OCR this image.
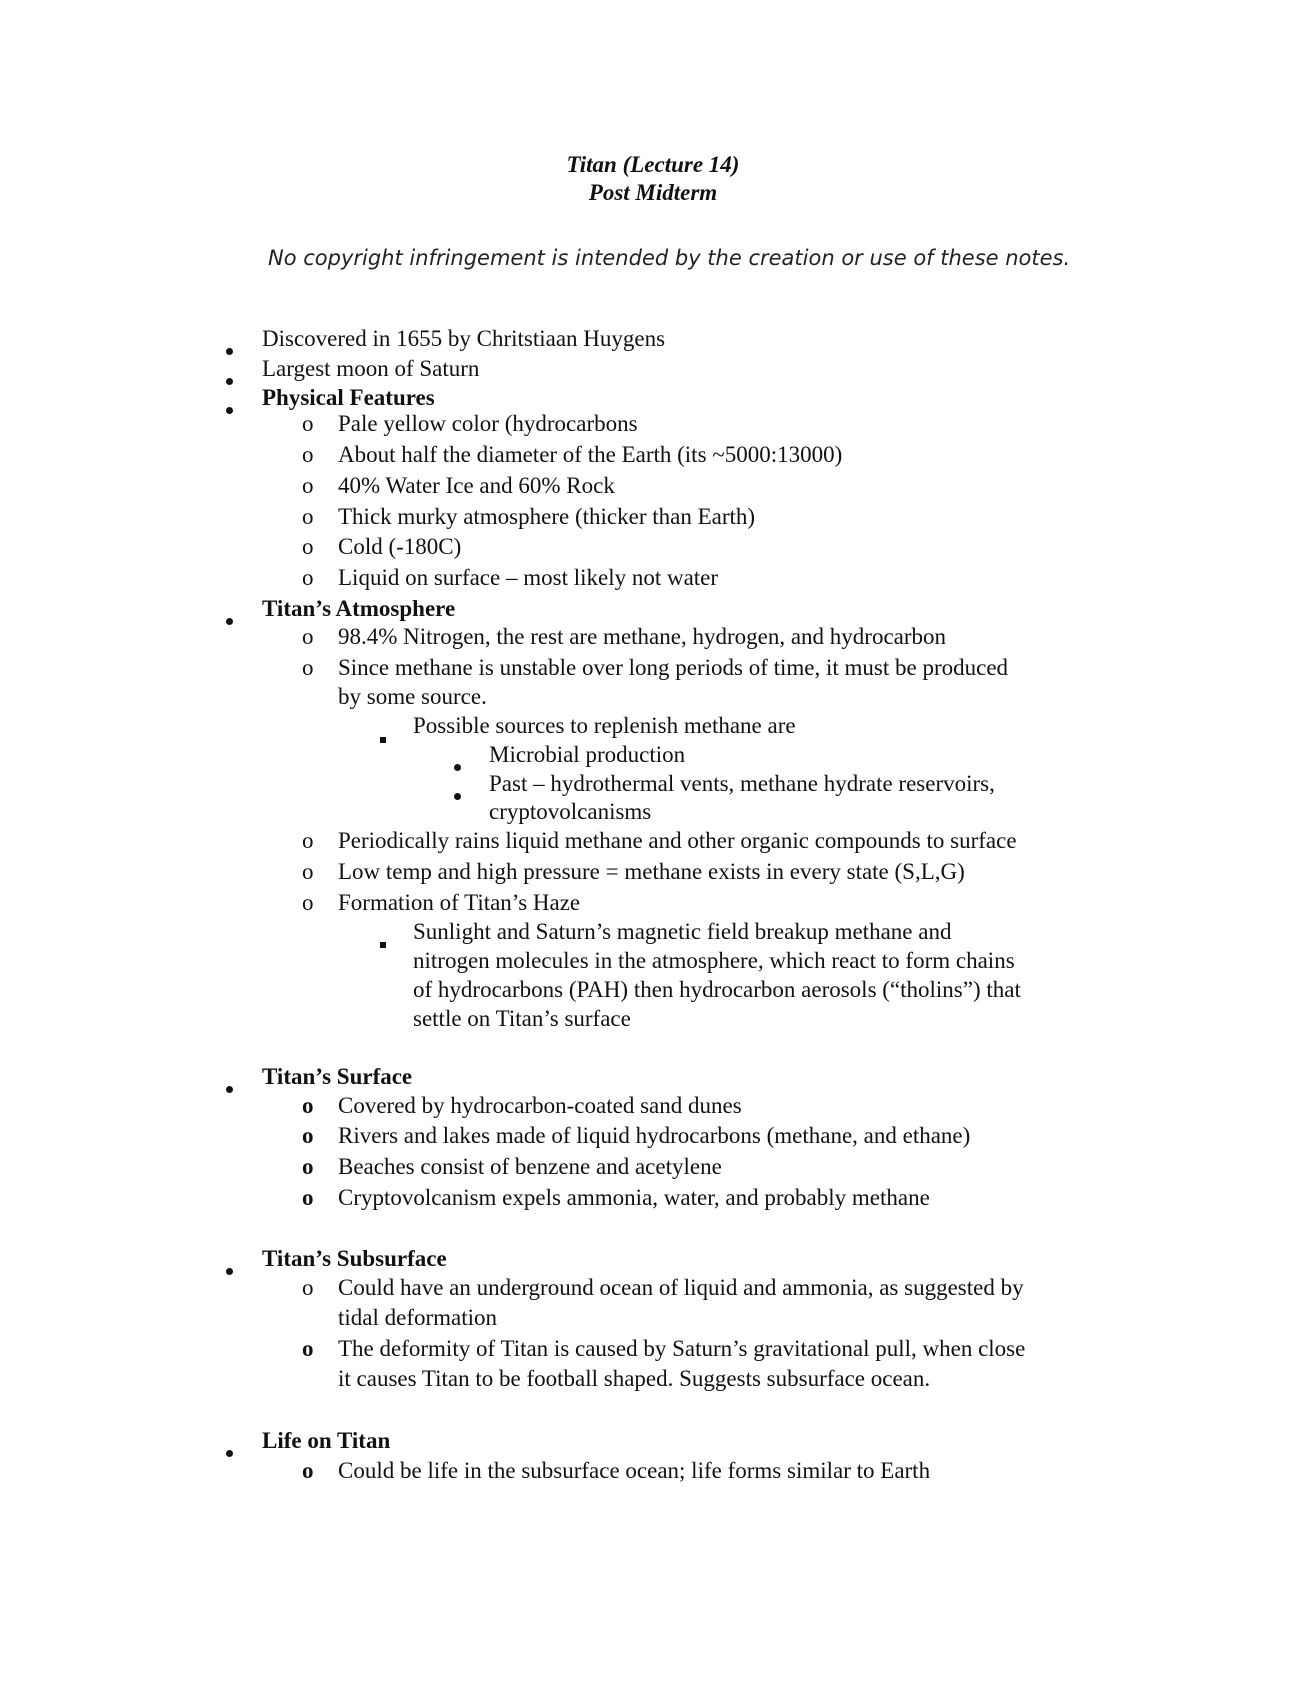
Titan (Lecture 14)
Post Midterm
No copyright infringement is intended by the creation or use of these notes.
Discovered in 1655 by Chritstiaan Huygens
Largest moon of Saturn
Physical Features
o Pale yellow color (hydrocarbons
o About half the diameter of the Earth (its ~5000:13000)
o 40% Water Ice and 60% Rock
o Thick murky atmosphere (thicker than Earth)
o Cold (-180C)
o Liquid on surface – most likely not water
Titan’s Atmosphere
o 98.4% Nitrogen, the rest are methane, hydrogen, and hydrocarbon
o Since methane is unstable over long periods of time, it must be produced
by some source.
Possible sources to replenish methane are
Microbial production
Past – hydrothermal vents, methane hydrate reservoirs,
cryptovolcanisms
o Periodically rains liquid methane and other organic compounds to surface
o Low temp and high pressure = methane exists in every state (S,L,G)
o Formation of Titan’s Haze
Sunlight and Saturn’s magnetic field breakup methane and
nitrogen molecules in the atmosphere, which react to form chains
of hydrocarbons (PAH) then hydrocarbon aerosols (“tholins”) that
settle on Titan’s surface
Titan’s Surface
o Covered by hydrocarbon-coated sand dunes
o Rivers and lakes made of liquid hydrocarbons (methane, and ethane)
o Beaches consist of benzene and acetylene
o Cryptovolcanism expels ammonia, water, and probably methane
Titan’s Subsurface
o Could have an underground ocean of liquid and ammonia, as suggested by
tidal deformation
o The deformity of Titan is caused by Saturn’s gravitational pull, when close
it causes Titan to be football shaped. Suggests subsurface ocean.
Life on Titan
o Could be life in the subsurface ocean; life forms similar to Earth
